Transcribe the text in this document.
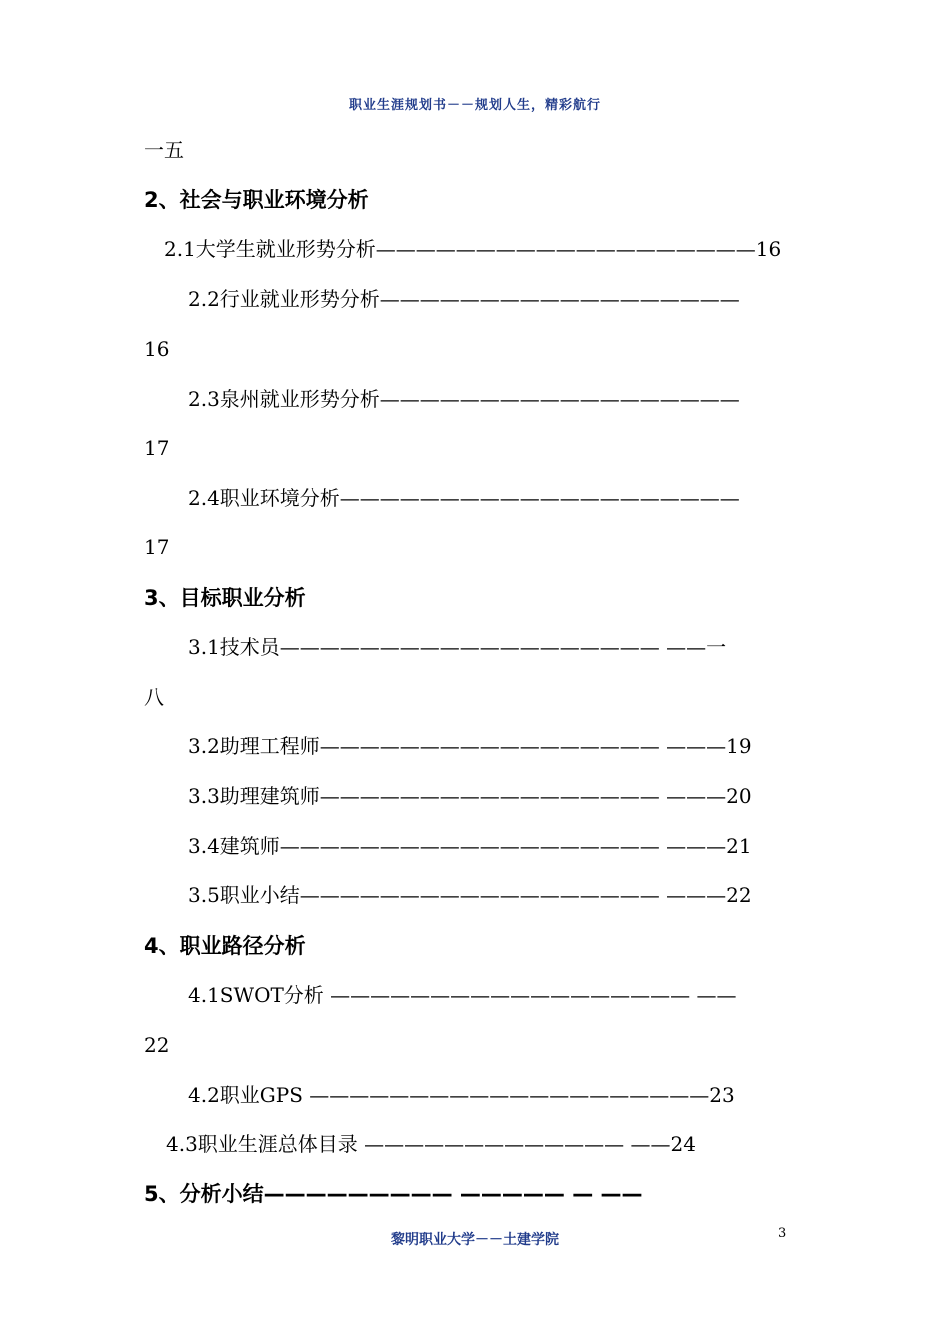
职业生涯规划书－－规划人生，精彩航行
一五
2、社会与职业环境分析
2.1大学生就业形势分析———————————————————16
2.2行业就业形势分析——————————————————
16
2.3泉州就业形势分析——————————————————
17
2.4职业环境分析————————————————————
17
3、目标职业分析
3.1技术员——————————————————— ——一
八
3.2助理工程师————————————————— ———19
3.3助理建筑师————————————————— ———20
3.4建筑师——————————————————— ———21
3.5职业小结—————————————————— ———22
4、职业路径分析
4.1SWOT分析 —————————————————— ——
22
4.2职业GPS ————————————————————23
4.3职业生涯总体目录 ————————————— ——24
5、分析小结————————— ————— — ——
黎明职业大学－－土建学院	3
